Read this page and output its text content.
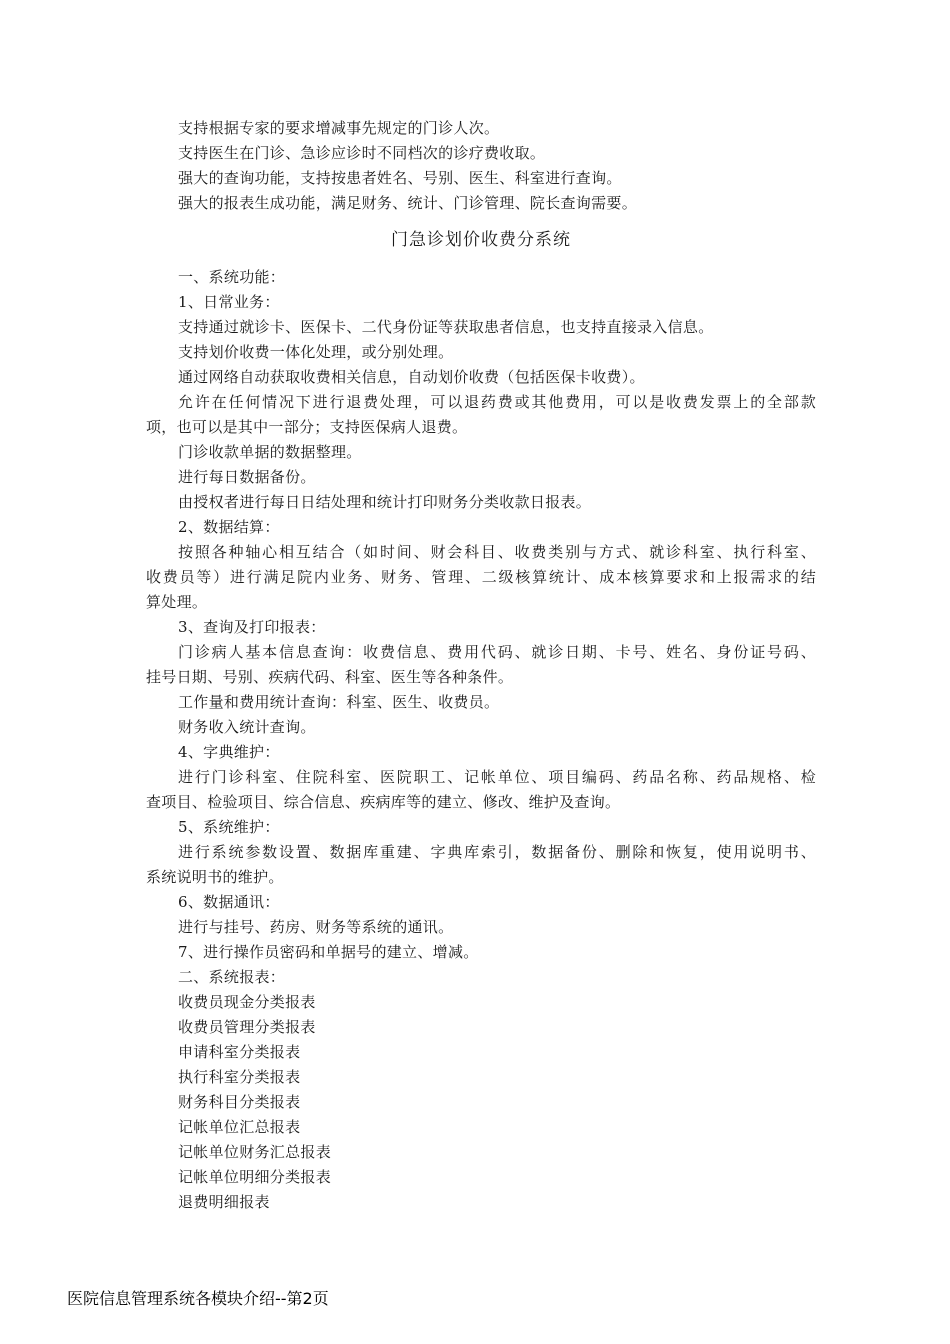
支持根据专家的要求增减事先规定的门诊人次。
支持医生在门诊、急诊应诊时不同档次的诊疗费收取。
强大的查询功能，支持按患者姓名、号别、医生、科室进行查询。
强大的报表生成功能，满足财务、统计、门诊管理、院长查询需要。
门急诊划价收费分系统
一、系统功能：
1、日常业务：
支持通过就诊卡、医保卡、二代身份证等获取患者信息，也支持直接录入信息。
支持划价收费一体化处理，或分别处理。
通过网络自动获取收费相关信息，自动划价收费（包括医保卡收费）。
允许在任何情况下进行退费处理，可以退药费或其他费用，可以是收费发票上的全部款
项，也可以是其中一部分；支持医保病人退费。
门诊收款单据的数据整理。
进行每日数据备份。
由授权者进行每日日结处理和统计打印财务分类收款日报表。
2、数据结算：
按照各种轴心相互结合（如时间、财会科目、收费类别与方式、就诊科室、执行科室、
收费员等）进行满足院内业务、财务、管理、二级核算统计、成本核算要求和上报需求的结
算处理。
3、查询及打印报表：
门诊病人基本信息查询：收费信息、费用代码、就诊日期、卡号、姓名、身份证号码、
挂号日期、号别、疾病代码、科室、医生等各种条件。
工作量和费用统计查询：科室、医生、收费员。
财务收入统计查询。
4、字典维护：
进行门诊科室、住院科室、医院职工、记帐单位、项目编码、药品名称、药品规格、检
查项目、检验项目、综合信息、疾病库等的建立、修改、维护及查询。
5、系统维护：
进行系统参数设置、数据库重建、字典库索引，数据备份、删除和恢复，使用说明书、
系统说明书的维护。
6、数据通讯：
进行与挂号、药房、财务等系统的通讯。
7、进行操作员密码和单据号的建立、增减。
二、系统报表：
收费员现金分类报表
收费员管理分类报表
申请科室分类报表
执行科室分类报表
财务科目分类报表
记帐单位汇总报表
记帐单位财务汇总报表
记帐单位明细分类报表
退费明细报表
医院信息管理系统各模块介绍--第2页
